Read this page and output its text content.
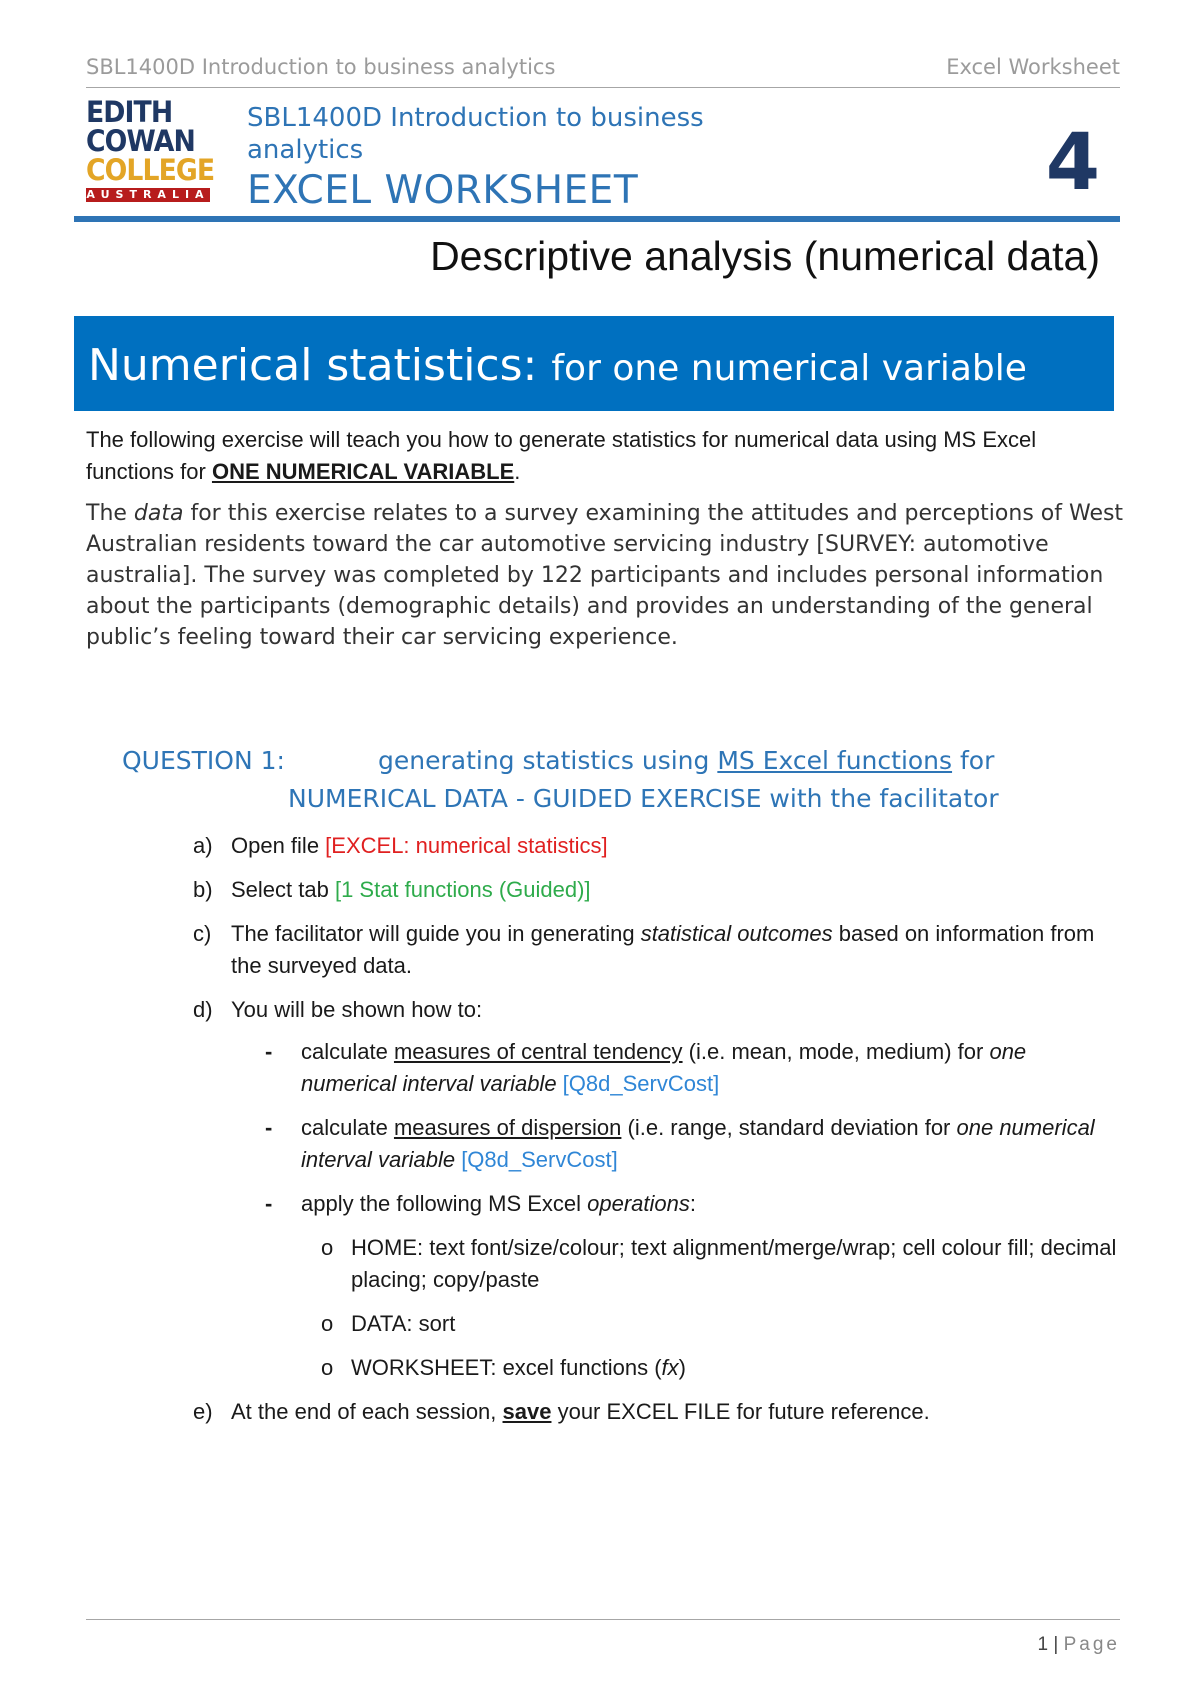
SBL1400D Introduction to business analytics	Excel Worksheet
EDITH
COWAN
COLLEGE
AUSTRALIA
SBL1400D Introduction to business analytics
EXCEL WORKSHEET	4
Descriptive analysis (numerical data)
Numerical statistics: for one numerical variable
The following exercise will teach you how to generate statistics for numerical data using MS Excel functions for ONE NUMERICAL VARIABLE.
The data for this exercise relates to a survey examining the attitudes and perceptions of West Australian residents toward the car automotive servicing industry [SURVEY: automotive australia]. The survey was completed by 122 participants and includes personal information about the participants (demographic details) and provides an understanding of the general public’s feeling toward their car servicing experience.
QUESTION 1:	generating statistics using MS Excel functions for
NUMERICAL DATA - GUIDED EXERCISE with the facilitator
a) Open file [EXCEL: numerical statistics]
b) Select tab [1 Stat functions (Guided)]
c) The facilitator will guide you in generating statistical outcomes based on information from the surveyed data.
d) You will be shown how to:
- calculate measures of central tendency (i.e. mean, mode, medium) for one numerical interval variable [Q8d_ServCost]
- calculate measures of dispersion (i.e. range, standard deviation for one numerical interval variable [Q8d_ServCost]
- apply the following MS Excel operations:
o HOME: text font/size/colour; text alignment/merge/wrap; cell colour fill; decimal placing; copy/paste
o DATA: sort
o WORKSHEET: excel functions (fx)
e) At the end of each session, save your EXCEL FILE for future reference.
1 | Page
